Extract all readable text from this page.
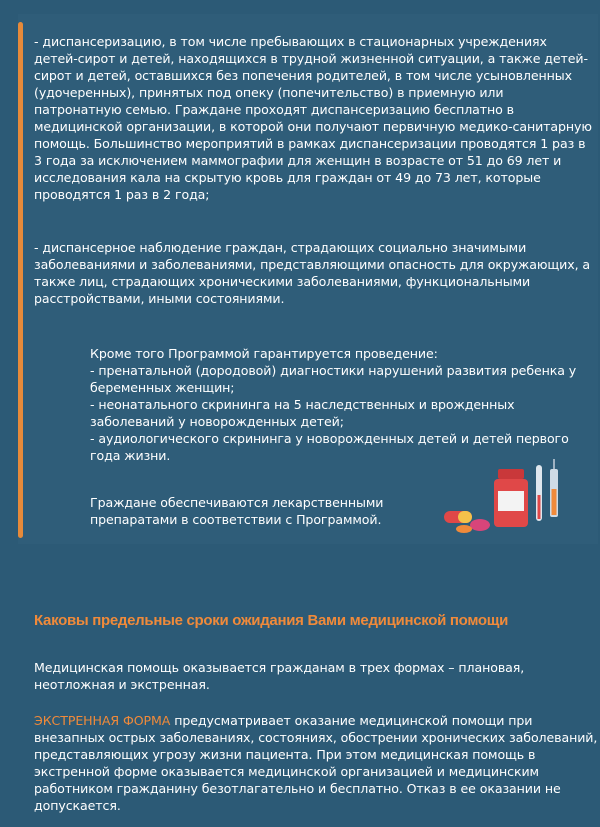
- диспансеризацию, в том числе пребывающих в стационарных учреждениях детей-сирот и детей, находящихся в трудной жизненной ситуации, а также детей-сирот и детей, оставшихся без попечения родителей, в том числе усыновленных (удочеренных), принятых под опеку (попечительство) в приемную или патронатную семью. Граждане проходят диспансеризацию бесплатно в медицинской организации, в которой они получают первичную медико-санитарную помощь. Большинство мероприятий в рамках диспансеризации проводятся 1 раз в 3 года за исключением маммографии для женщин в возрасте от 51 до 69 лет и исследования кала на скрытую кровь для граждан от 49 до 73 лет, которые проводятся 1 раз в 2 года;

- диспансерное наблюдение граждан, страдающих социально значимыми заболеваниями и заболеваниями, представляющими опасность для окружающих, а также лиц, страдающих хроническими заболеваниями, функциональными расстройствами, иными состояниями.

Кроме того Программой гарантируется проведение:
- пренатальной (дородовой) диагностики нарушений развития ребенка у беременных женщин;
- неонатального скрининга на 5 наследственных и врожденных заболеваний у новорожденных детей;
- аудиологического скрининга у новорожденных детей и детей первого года жизни.

Граждане обеспечиваются лекарственными препаратами в соответствии с Программой.

Каковы предельные сроки ожидания Вами медицинской помощи

Медицинская помощь оказывается гражданам в трех формах – плановая, неотложная и экстренная.

ЭКСТРЕННАЯ ФОРМА предусматривает оказание медицинской помощи при внезапных острых заболеваниях, состояниях, обострении хронических заболеваний, представляющих угрозу жизни пациента. При этом медицинская помощь в экстренной форме оказывается медицинской организацией и медицинским работником гражданину безотлагательно и бесплатно. Отказ в ее оказании не допускается.
